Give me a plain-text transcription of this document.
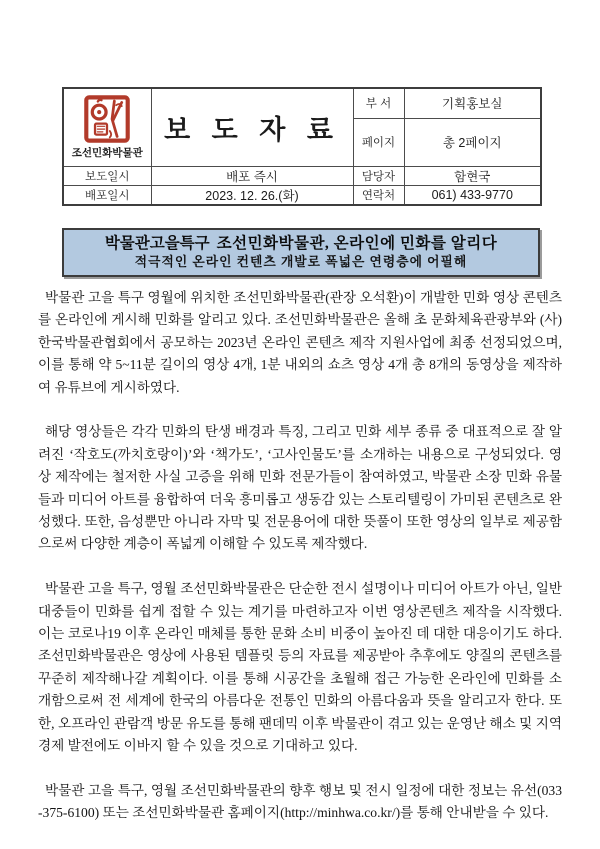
조선민화박물관	보 도 자 료	부 서	기획홍보실
		페이지	총 2페이지
보도일시	배포 즉시	담당자	함현국
배포일시	2023. 12. 26.(화)	연락처	061) 433-9770
박물관고을특구 조선민화박물관, 온라인에 민화를 알리다
적극적인 온라인 컨텐츠 개발로 폭넓은 연령층에 어필해

박물관 고을 특구 영월에 위치한 조선민화박물관(관장 오석환)이 개발한 민화 영상 콘텐츠를 온라인에 게시해 민화를 알리고 있다. 조선민화박물관은 올해 초 문화체육관광부와 (사)한국박물관협회에서 공모하는 2023년 온라인 콘텐츠 제작 지원사업에 최종 선정되었으며, 이를 통해 약 5~11분 길이의 영상 4개, 1분 내외의 쇼츠 영상 4개 총 8개의 동영상을 제작하여 유튜브에 게시하였다.

해당 영상들은 각각 민화의 탄생 배경과 특징, 그리고 민화 세부 종류 중 대표적으로 잘 알려진 ‘작호도(까치호랑이)’와 ‘책가도’, ‘고사인물도’를 소개하는 내용으로 구성되었다. 영상 제작에는 철저한 사실 고증을 위해 민화 전문가들이 참여하였고, 박물관 소장 민화 유물들과 미디어 아트를 융합하여 더욱 흥미롭고 생동감 있는 스토리텔링이 가미된 콘텐츠로 완성했다. 또한, 음성뿐만 아니라 자막 및 전문용어에 대한 뜻풀이 또한 영상의 일부로 제공함으로써 다양한 계층이 폭넓게 이해할 수 있도록 제작했다.

박물관 고을 특구, 영월 조선민화박물관은 단순한 전시 설명이나 미디어 아트가 아닌, 일반 대중들이 민화를 쉽게 접할 수 있는 계기를 마련하고자 이번 영상콘텐츠 제작을 시작했다. 이는 코로나19 이후 온라인 매체를 통한 문화 소비 비중이 높아진 데 대한 대응이기도 하다. 조선민화박물관은 영상에 사용된 템플릿 등의 자료를 제공받아 추후에도 양질의 콘텐츠를 꾸준히 제작해나갈 계획이다. 이를 통해 시공간을 초월해 접근 가능한 온라인에 민화를 소개함으로써 전 세계에 한국의 아름다운 전통인 민화의 아름다움과 뜻을 알리고자 한다. 또한, 오프라인 관람객 방문 유도를 통해 팬데믹 이후 박물관이 겪고 있는 운영난 해소 및 지역 경제 발전에도 이바지 할 수 있을 것으로 기대하고 있다.

박물관 고을 특구, 영월 조선민화박물관의 향후 행보 및 전시 일정에 대한 정보는 유선(033-375-6100) 또는 조선민화박물관 홈페이지(http://minhwa.co.kr/)를 통해 안내받을 수 있다.
